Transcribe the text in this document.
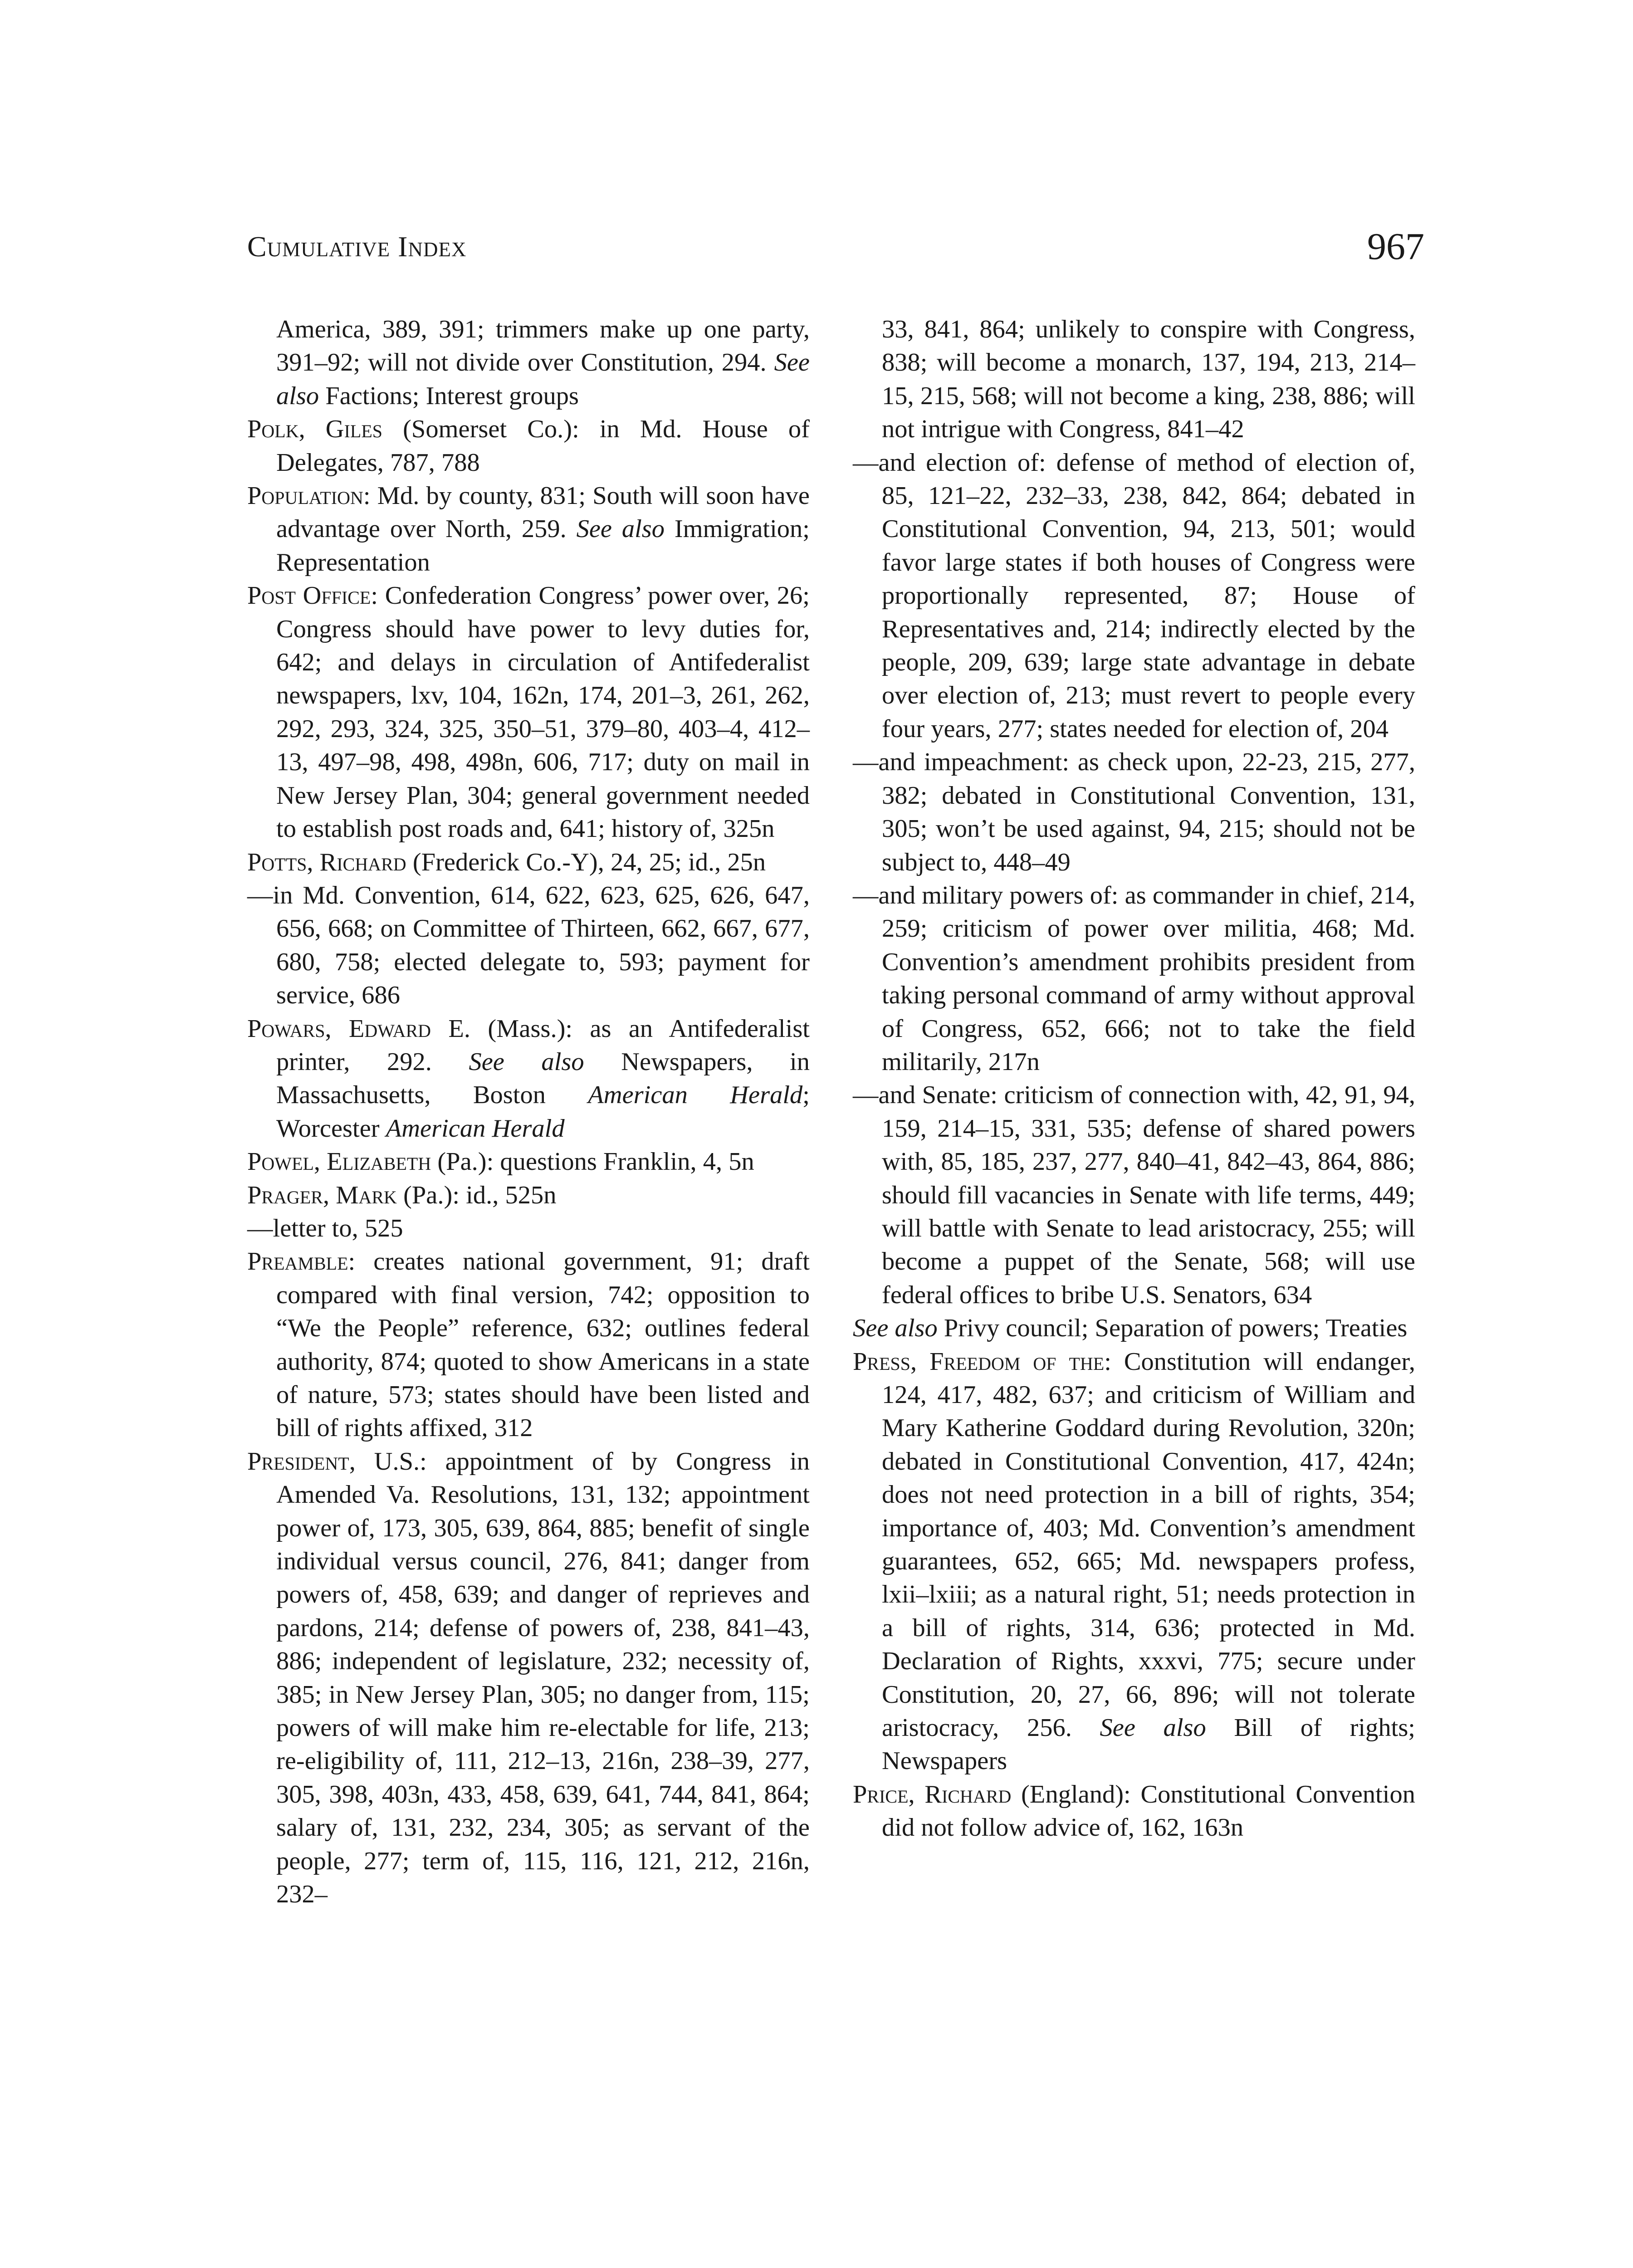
Cumulative Index	967

America, 389, 391; trimmers make up one party, 391–92; will not divide over Constitution, 294. See also Factions; Interest groups

Polk, Giles (Somerset Co.): in Md. House of Delegates, 787, 788

Population: Md. by county, 831; South will soon have advantage over North, 259. See also Immigration; Representation

Post Office: Confederation Congress’ power over, 26; Congress should have power to levy duties for, 642; and delays in circulation of Antifederalist newspapers, lxv, 104, 162n, 174, 201–3, 261, 262, 292, 293, 324, 325, 350–51, 379–80, 403–4, 412–13, 497–98, 498, 498n, 606, 717; duty on mail in New Jersey Plan, 304; general government needed to establish post roads and, 641; history of, 325n

Potts, Richard (Frederick Co.-Y), 24, 25; id., 25n

—in Md. Convention, 614, 622, 623, 625, 626, 647, 656, 668; on Committee of Thirteen, 662, 667, 677, 680, 758; elected delegate to, 593; payment for service, 686

Powars, Edward E. (Mass.): as an Antifederalist printer, 292. See also Newspapers, in Massachusetts, Boston American Herald; Worcester American Herald

Powel, Elizabeth (Pa.): questions Franklin, 4, 5n

Prager, Mark (Pa.): id., 525n

—letter to, 525

Preamble: creates national government, 91; draft compared with final version, 742; opposition to “We the People” reference, 632; outlines federal authority, 874; quoted to show Americans in a state of nature, 573; states should have been listed and bill of rights affixed, 312

President, U.S.: appointment of by Congress in Amended Va. Resolutions, 131, 132; appointment power of, 173, 305, 639, 864, 885; benefit of single individual versus council, 276, 841; danger from powers of, 458, 639; and danger of reprieves and pardons, 214; defense of powers of, 238, 841–43, 886; independent of legislature, 232; necessity of, 385; in New Jersey Plan, 305; no danger from, 115; powers of will make him re-electable for life, 213; re-eligibility of, 111, 212–13, 216n, 238–39, 277, 305, 398, 403n, 433, 458, 639, 641, 744, 841, 864; salary of, 131, 232, 234, 305; as servant of the people, 277; term of, 115, 116, 121, 212, 216n, 232–

33, 841, 864; unlikely to conspire with Congress, 838; will become a monarch, 137, 194, 213, 214–15, 215, 568; will not become a king, 238, 886; will not intrigue with Congress, 841–42

—and election of: defense of method of election of, 85, 121–22, 232–33, 238, 842, 864; debated in Constitutional Convention, 94, 213, 501; would favor large states if both houses of Congress were proportionally represented, 87; House of Representatives and, 214; indirectly elected by the people, 209, 639; large state advantage in debate over election of, 213; must revert to people every four years, 277; states needed for election of, 204

—and impeachment: as check upon, 22-23, 215, 277, 382; debated in Constitutional Convention, 131, 305; won’t be used against, 94, 215; should not be subject to, 448–49

—and military powers of: as commander in chief, 214, 259; criticism of power over militia, 468; Md. Convention’s amendment prohibits president from taking personal command of army without approval of Congress, 652, 666; not to take the field militarily, 217n

—and Senate: criticism of connection with, 42, 91, 94, 159, 214–15, 331, 535; defense of shared powers with, 85, 185, 237, 277, 840–41, 842–43, 864, 886; should fill vacancies in Senate with life terms, 449; will battle with Senate to lead aristocracy, 255; will become a puppet of the Senate, 568; will use federal offices to bribe U.S. Senators, 634

See also Privy council; Separation of powers; Treaties

Press, Freedom of the: Constitution will endanger, 124, 417, 482, 637; and criticism of William and Mary Katherine Goddard during Revolution, 320n; debated in Constitutional Convention, 417, 424n; does not need protection in a bill of rights, 354; importance of, 403; Md. Convention’s amendment guarantees, 652, 665; Md. newspapers profess, lxii–lxiii; as a natural right, 51; needs protection in a bill of rights, 314, 636; protected in Md. Declaration of Rights, xxxvi, 775; secure under Constitution, 20, 27, 66, 896; will not tolerate aristocracy, 256. See also Bill of rights; Newspapers

Price, Richard (England): Constitutional Convention did not follow advice of, 162, 163n
